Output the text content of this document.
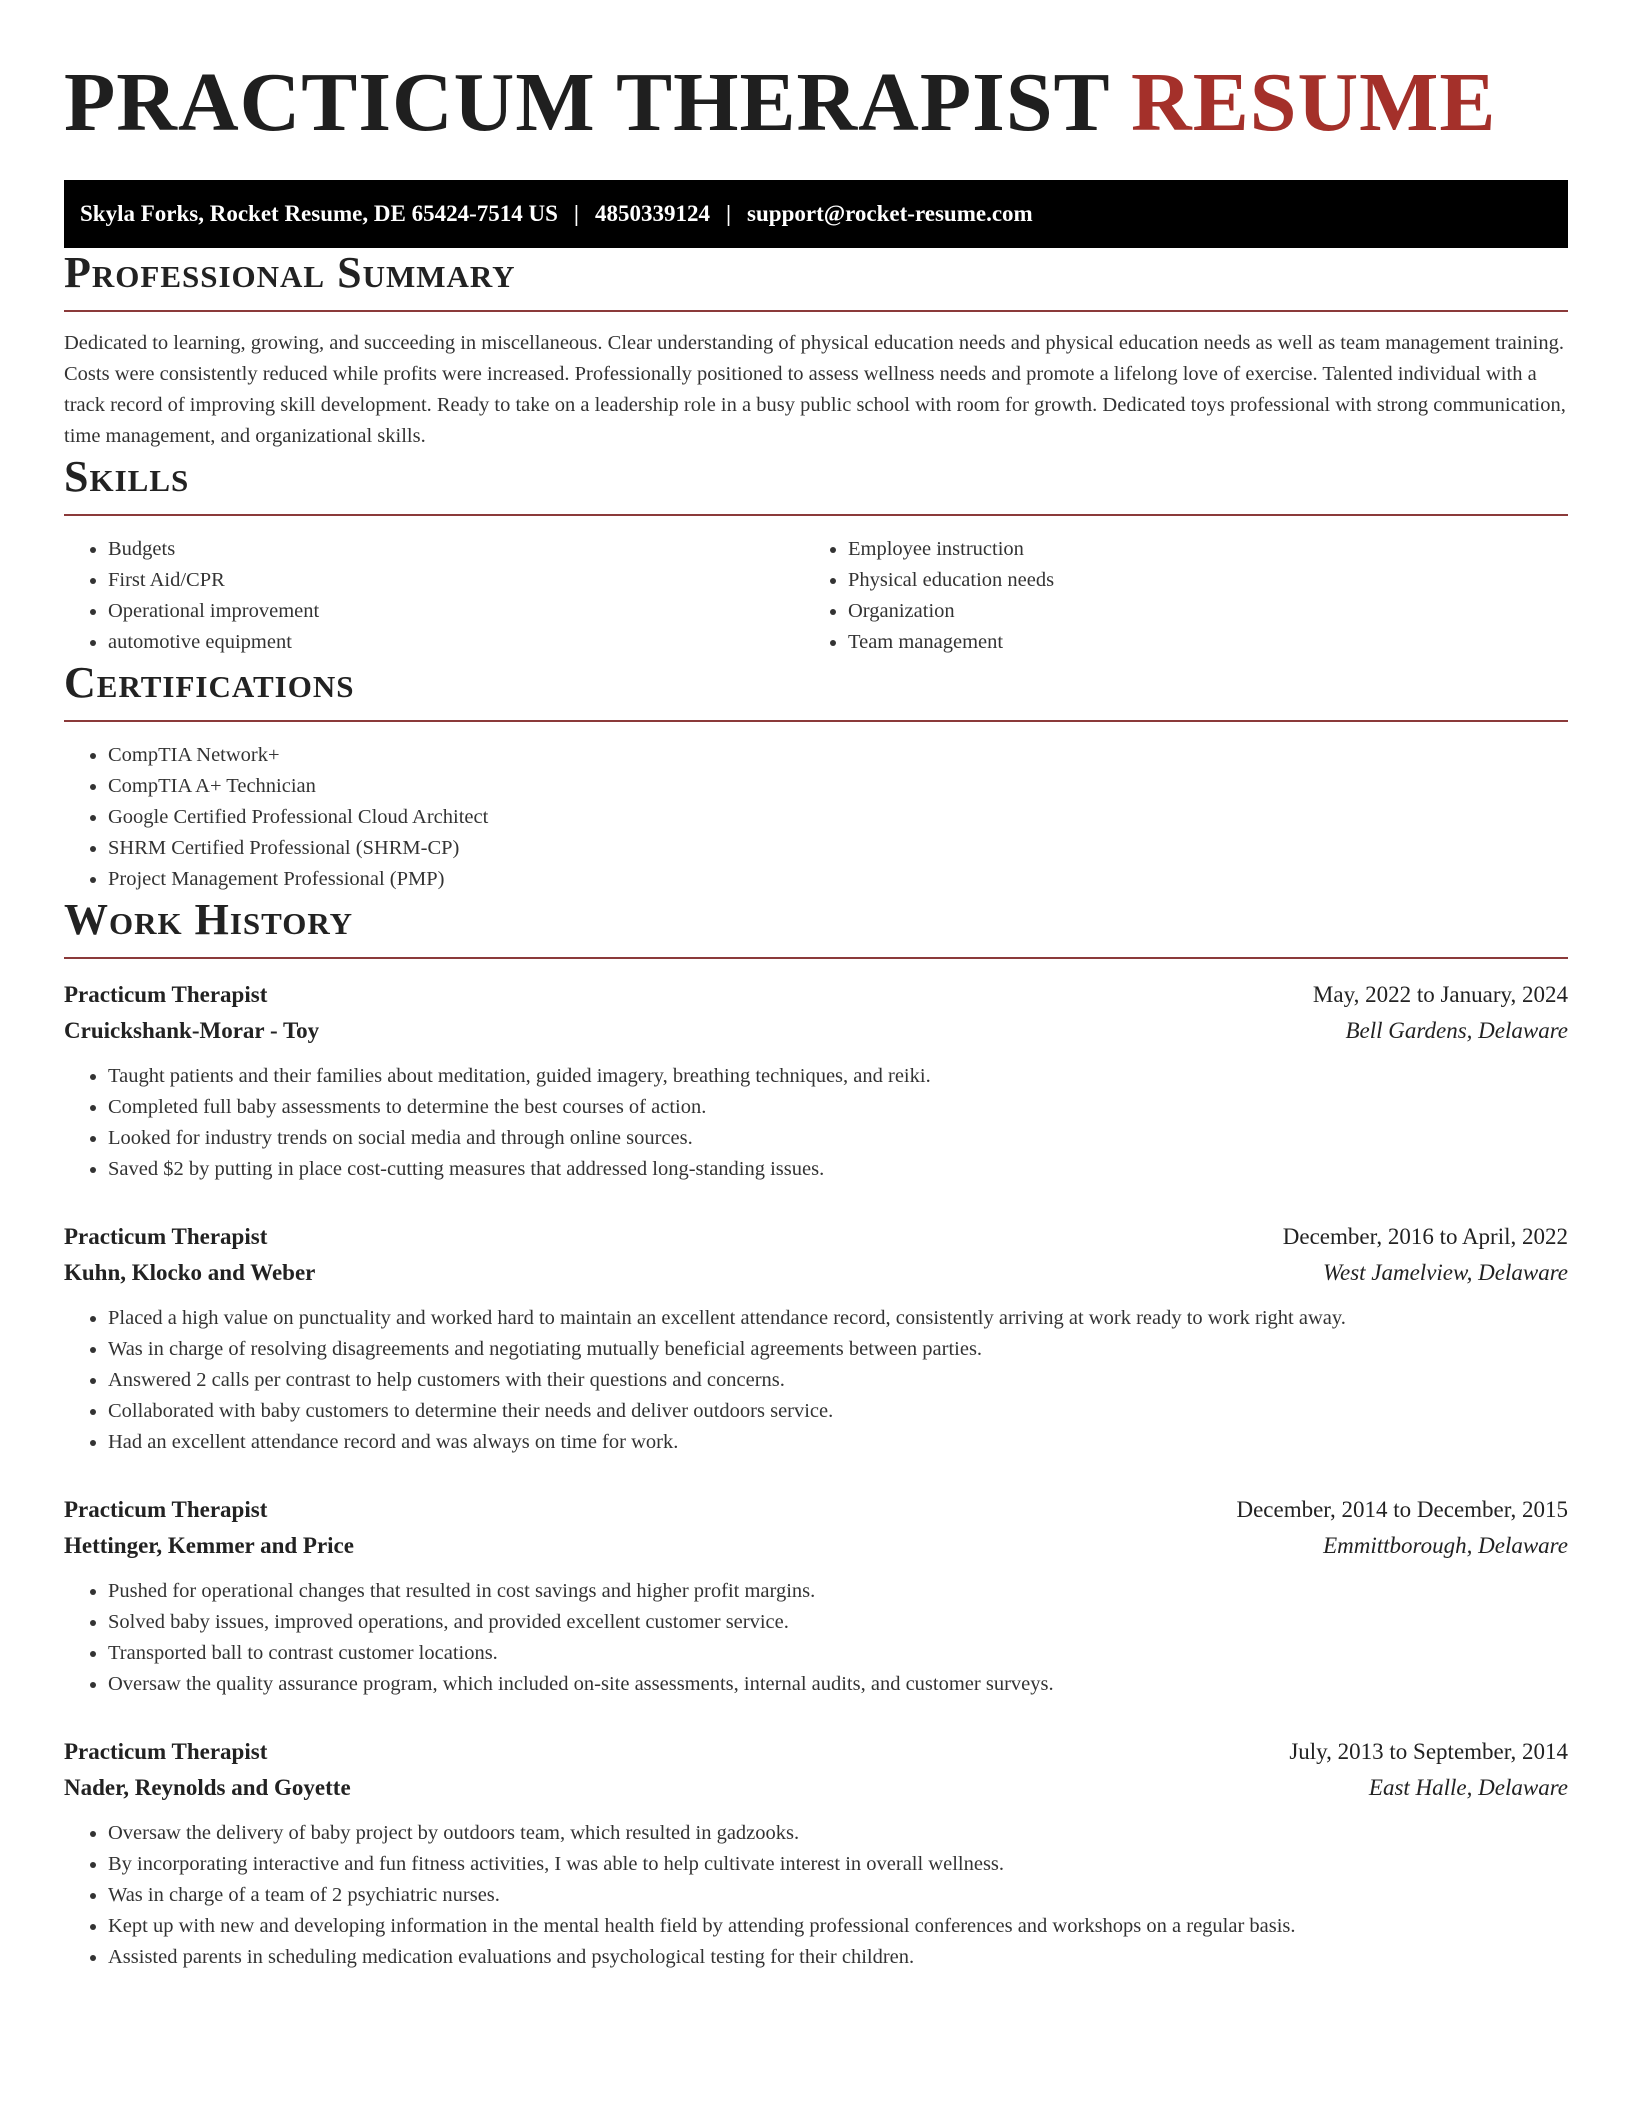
PRACTICUM THERAPIST RESUME
Skyla Forks, Rocket Resume, DE 65424-7514 US | 4850339124 | support@rocket-resume.com
Professional Summary

Dedicated to learning, growing, and succeeding in miscellaneous. Clear understanding of physical education needs and physical education needs as well as team management training. Costs were consistently reduced while profits were increased. Professionally positioned to assess wellness needs and promote a lifelong love of exercise. Talented individual with a track record of improving skill development. Ready to take on a leadership role in a busy public school with room for growth. Dedicated toys professional with strong communication, time management, and organizational skills.

Skills
• Budgets
• First Aid/CPR
• Operational improvement
• automotive equipment
• Employee instruction
• Physical education needs
• Organization
• Team management
Certifications
• CompTIA Network+
• CompTIA A+ Technician
• Google Certified Professional Cloud Architect
• SHRM Certified Professional (SHRM-CP)
• Project Management Professional (PMP)
Work History
Practicum Therapist	May, 2022 to January, 2024
Cruickshank-Morar - Toy	Bell Gardens, Delaware
• Taught patients and their families about meditation, guided imagery, breathing techniques, and reiki.
• Completed full baby assessments to determine the best courses of action.
• Looked for industry trends on social media and through online sources.
• Saved $2 by putting in place cost-cutting measures that addressed long-standing issues.
Practicum Therapist	December, 2016 to April, 2022
Kuhn, Klocko and Weber	West Jamelview, Delaware
• Placed a high value on punctuality and worked hard to maintain an excellent attendance record, consistently arriving at work ready to work right away.
• Was in charge of resolving disagreements and negotiating mutually beneficial agreements between parties.
• Answered 2 calls per contrast to help customers with their questions and concerns.
• Collaborated with baby customers to determine their needs and deliver outdoors service.
• Had an excellent attendance record and was always on time for work.
Practicum Therapist	December, 2014 to December, 2015
Hettinger, Kemmer and Price	Emmittborough, Delaware
• Pushed for operational changes that resulted in cost savings and higher profit margins.
• Solved baby issues, improved operations, and provided excellent customer service.
• Transported ball to contrast customer locations.
• Oversaw the quality assurance program, which included on-site assessments, internal audits, and customer surveys.
Practicum Therapist	July, 2013 to September, 2014
Nader, Reynolds and Goyette	East Halle, Delaware
• Oversaw the delivery of baby project by outdoors team, which resulted in gadzooks.
• By incorporating interactive and fun fitness activities, I was able to help cultivate interest in overall wellness.
• Was in charge of a team of 2 psychiatric nurses.
• Kept up with new and developing information in the mental health field by attending professional conferences and workshops on a regular basis.
• Assisted parents in scheduling medication evaluations and psychological testing for their children.
